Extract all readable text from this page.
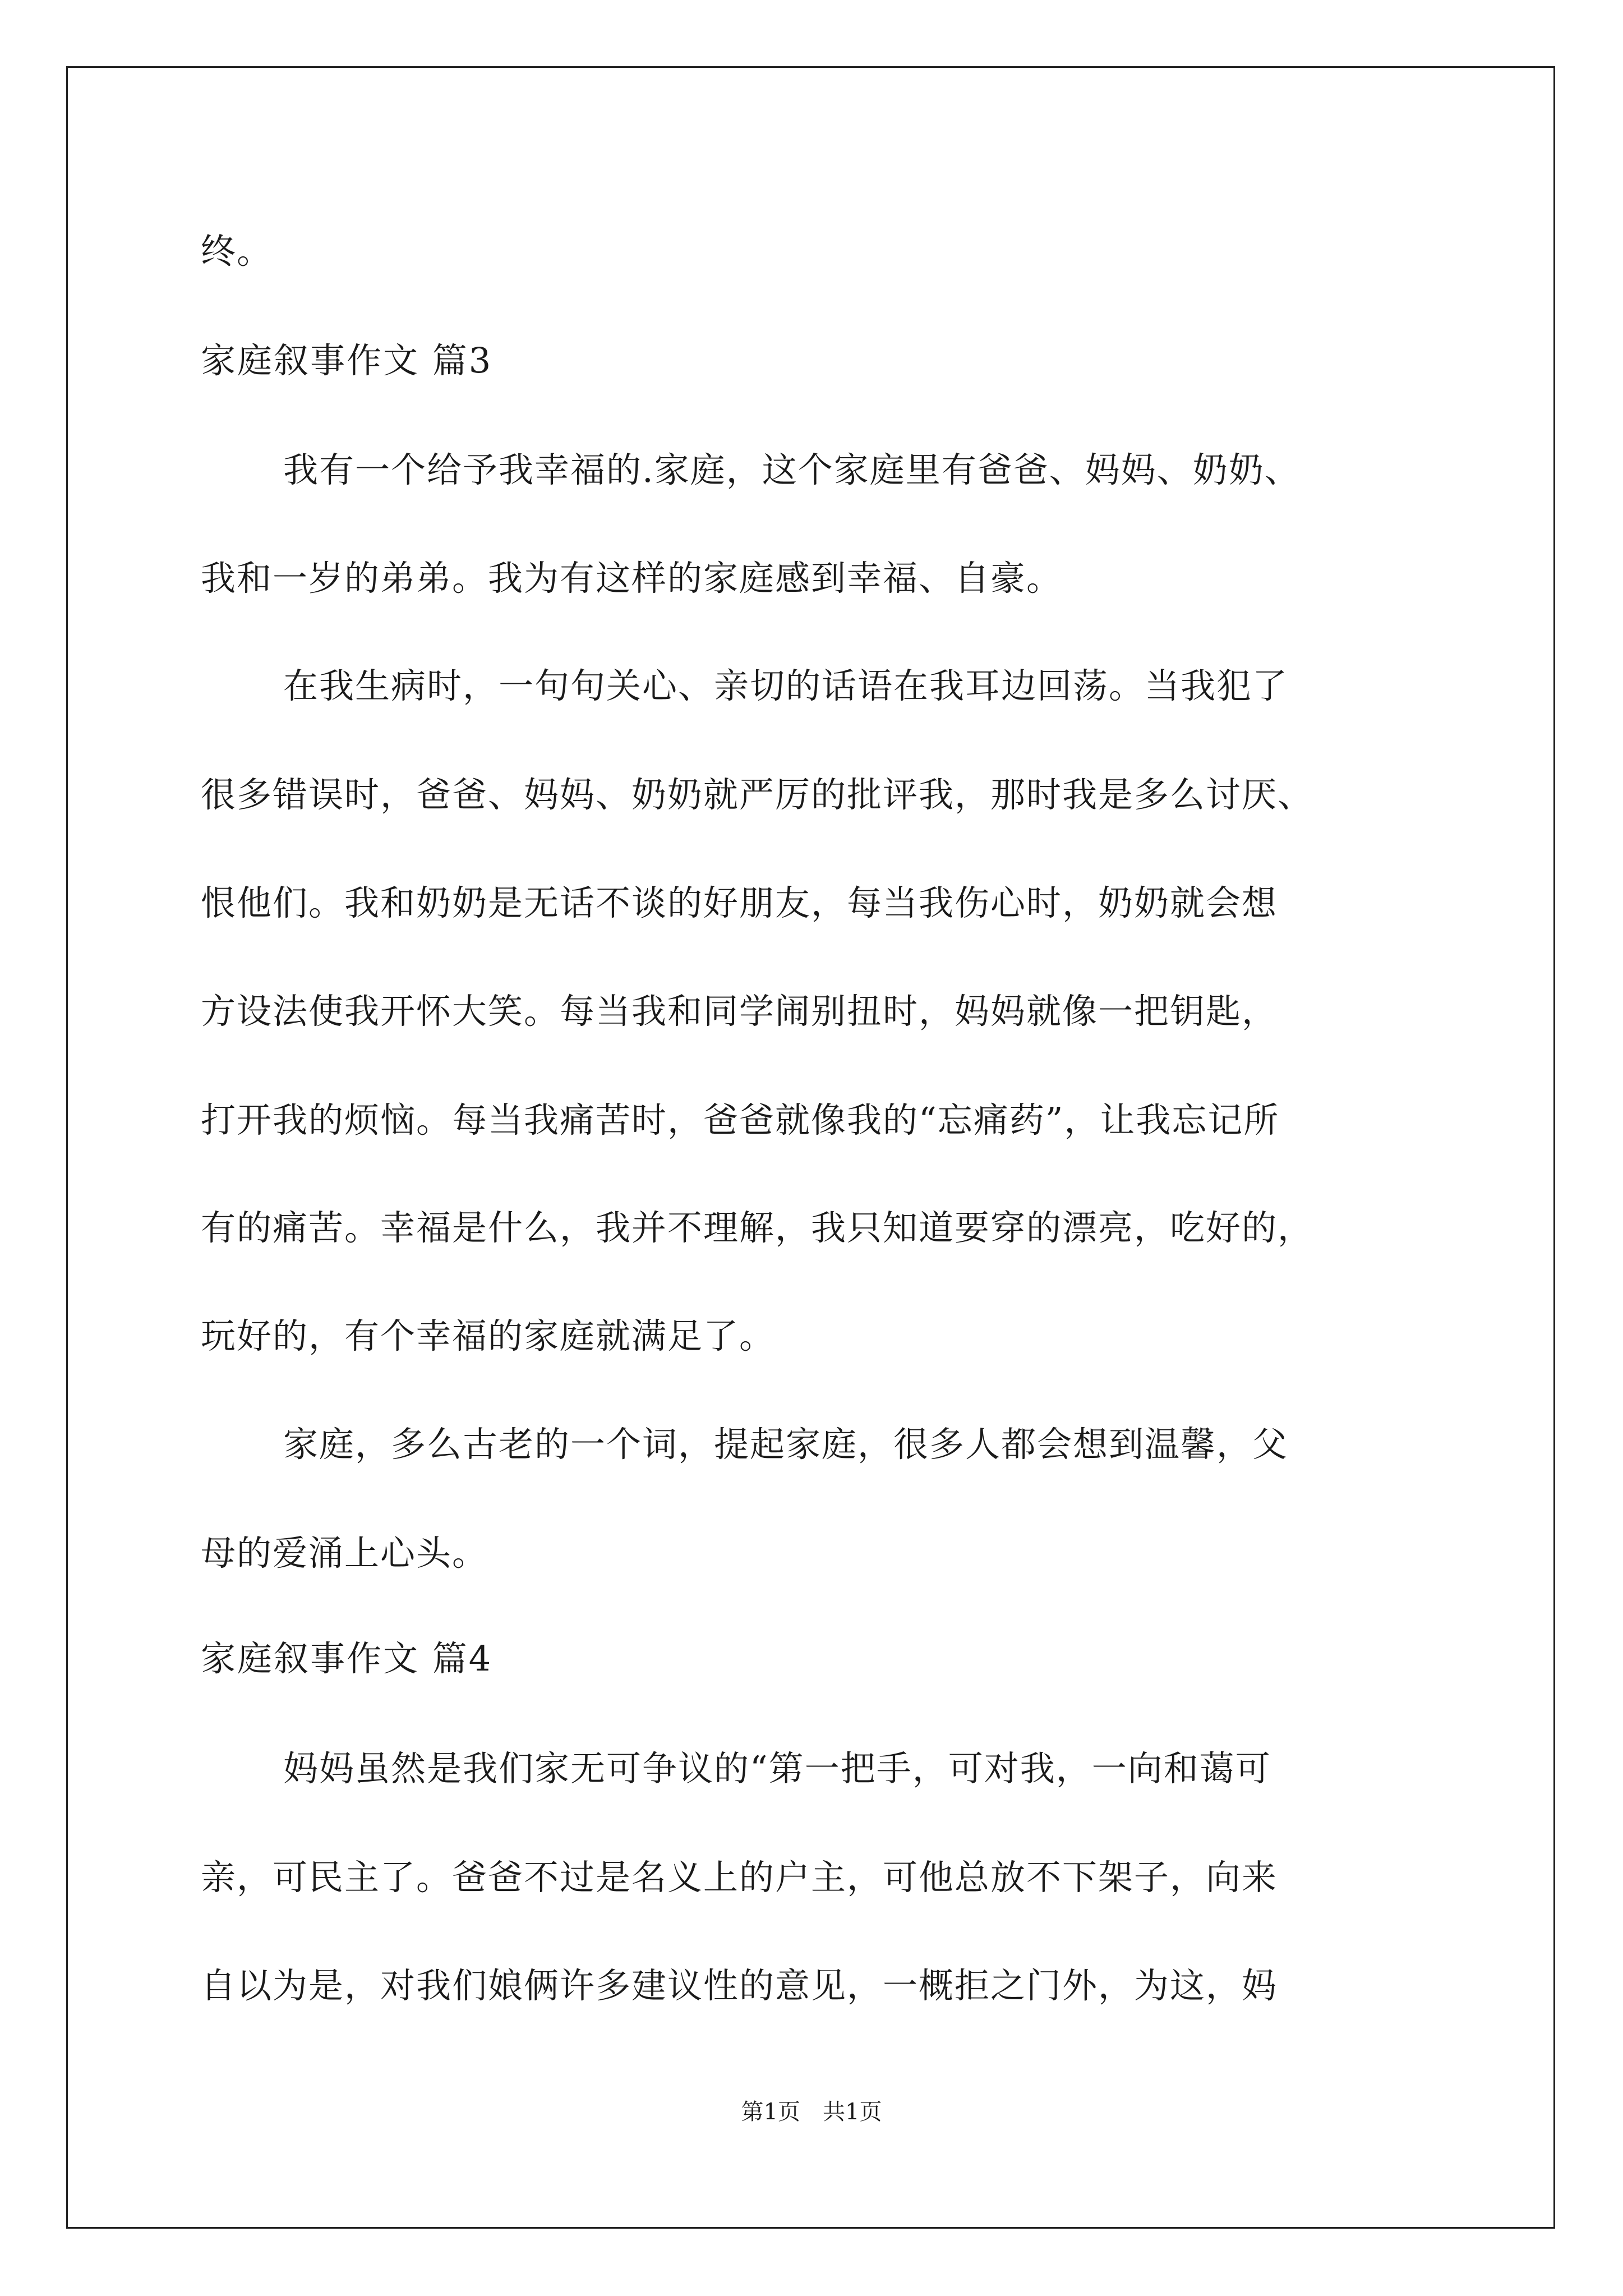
终。
家庭叙事作文 篇3
我有一个给予我幸福的.家庭，这个家庭里有爸爸、妈妈、奶奶、
我和一岁的弟弟。我为有这样的家庭感到幸福、自豪。
在我生病时，一句句关心、亲切的话语在我耳边回荡。当我犯了
很多错误时，爸爸、妈妈、奶奶就严厉的批评我，那时我是多么讨厌、
恨他们。我和奶奶是无话不谈的好朋友，每当我伤心时，奶奶就会想
方设法使我开怀大笑。每当我和同学闹别扭时，妈妈就像一把钥匙，
打开我的烦恼。每当我痛苦时，爸爸就像我的“忘痛药”，让我忘记所
有的痛苦。幸福是什么，我并不理解，我只知道要穿的漂亮，吃好的，
玩好的，有个幸福的家庭就满足了。
家庭，多么古老的一个词，提起家庭，很多人都会想到温馨，父
母的爱涌上心头。
家庭叙事作文 篇4
妈妈虽然是我们家无可争议的“第一把手，可对我，一向和蔼可
亲，可民主了。爸爸不过是名义上的户主，可他总放不下架子，向来
自以为是，对我们娘俩许多建议性的意见，一概拒之门外，为这，妈
第1页　共1页
